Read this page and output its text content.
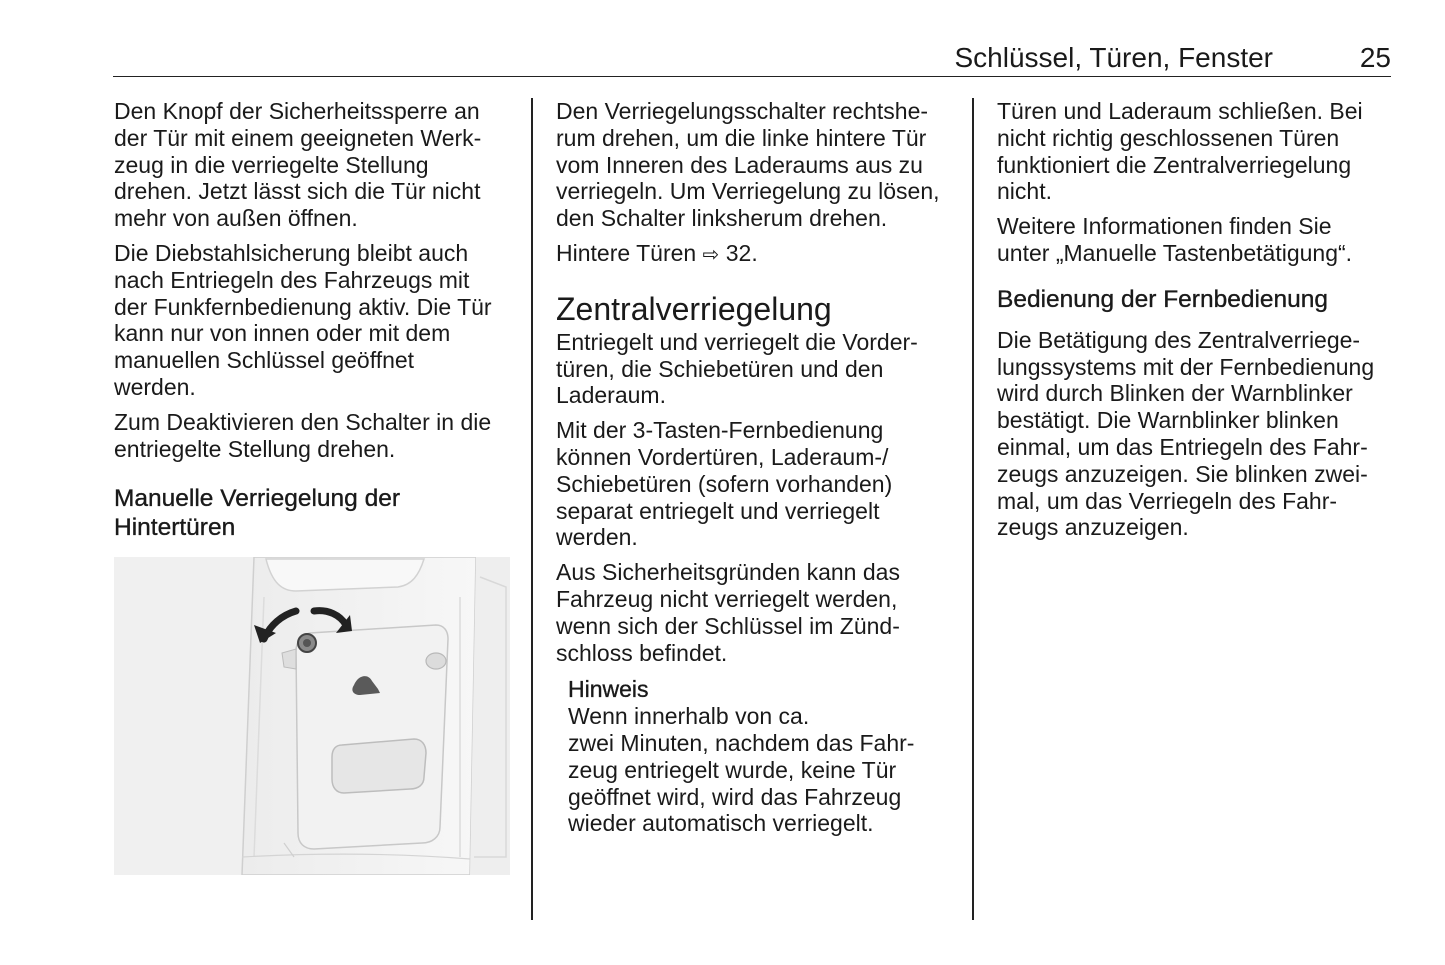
Schlüssel, Türen, Fenster	25
Den Knopf der Sicherheitssperre an
der Tür mit einem geeigneten Werk-
zeug in die verriegelte Stellung
drehen. Jetzt lässt sich die Tür nicht
mehr von außen öffnen.
Die Diebstahlsicherung bleibt auch
nach Entriegeln des Fahrzeugs mit
der Funkfernbedienung aktiv. Die Tür
kann nur von innen oder mit dem
manuellen Schlüssel geöffnet
werden.
Zum Deaktivieren den Schalter in die
entriegelte Stellung drehen.
Manuelle Verriegelung der
Hintertüren
Den Verriegelungsschalter rechtshe-
rum drehen, um die linke hintere Tür
vom Inneren des Laderaums aus zu
verriegeln. Um Verriegelung zu lösen,
den Schalter linksherum drehen.
Hintere Türen ⇨ 32.
Zentralverriegelung
Entriegelt und verriegelt die Vorder-
türen, die Schiebetüren und den
Laderaum.
Mit der 3-Tasten-Fernbedienung
können Vordertüren, Laderaum-/
Schiebetüren (sofern vorhanden)
separat entriegelt und verriegelt
werden.
Aus Sicherheitsgründen kann das
Fahrzeug nicht verriegelt werden,
wenn sich der Schlüssel im Zünd-
schloss befindet.
Hinweis
Wenn innerhalb von ca.
zwei Minuten, nachdem das Fahr-
zeug entriegelt wurde, keine Tür
geöffnet wird, wird das Fahrzeug
wieder automatisch verriegelt.
Türen und Laderaum schließen. Bei
nicht richtig geschlossenen Türen
funktioniert die Zentralverriegelung
nicht.
Weitere Informationen finden Sie
unter „Manuelle Tastenbetätigung“.
Bedienung der Fernbedienung
Die Betätigung des Zentralverriege-
lungssystems mit der Fernbedienung
wird durch Blinken der Warnblinker
bestätigt. Die Warnblinker blinken
einmal, um das Entriegeln des Fahr-
zeugs anzuzeigen. Sie blinken zwei-
mal, um das Verriegeln des Fahr-
zeugs anzuzeigen.
